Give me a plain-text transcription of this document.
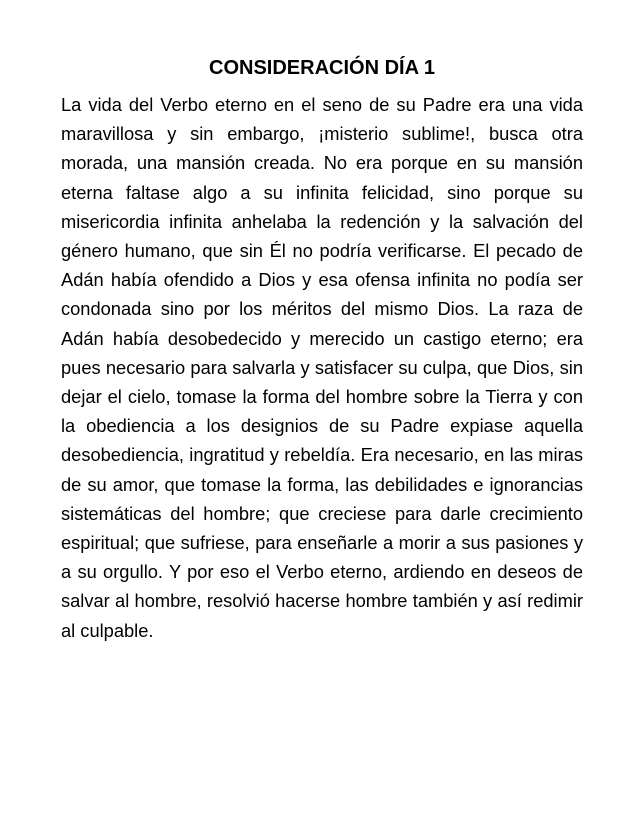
CONSIDERACIÓN DÍA 1

La vida del Verbo eterno en el seno de su Padre era una vida maravillosa y sin embargo, ¡misterio sublime!, busca otra morada, una mansión creada. No era porque en su mansión eterna faltase algo a su infinita felicidad, sino porque su misericordia infinita anhelaba la redención y la salvación del género humano, que sin Él no podría verificarse. El pecado de Adán había ofendido a Dios y esa ofensa infinita no podía ser condonada sino por los méritos del mismo Dios. La raza de Adán había desobedecido y merecido un castigo eterno; era pues necesario para salvarla y satisfacer su culpa, que Dios, sin dejar el cielo, tomase la forma del hombre sobre la Tierra y con la obediencia a los designios de su Padre expiase aquella desobediencia, ingratitud y rebeldía. Era necesario, en las miras de su amor, que tomase la forma, las debilidades e ignorancias sistemáticas del hombre; que creciese para darle crecimiento espiritual; que sufriese, para enseñarle a morir a sus pasiones y a su orgullo. Y por eso el Verbo eterno, ardiendo en deseos de salvar al hombre, resolvió hacerse hombre también y así redimir al culpable.
